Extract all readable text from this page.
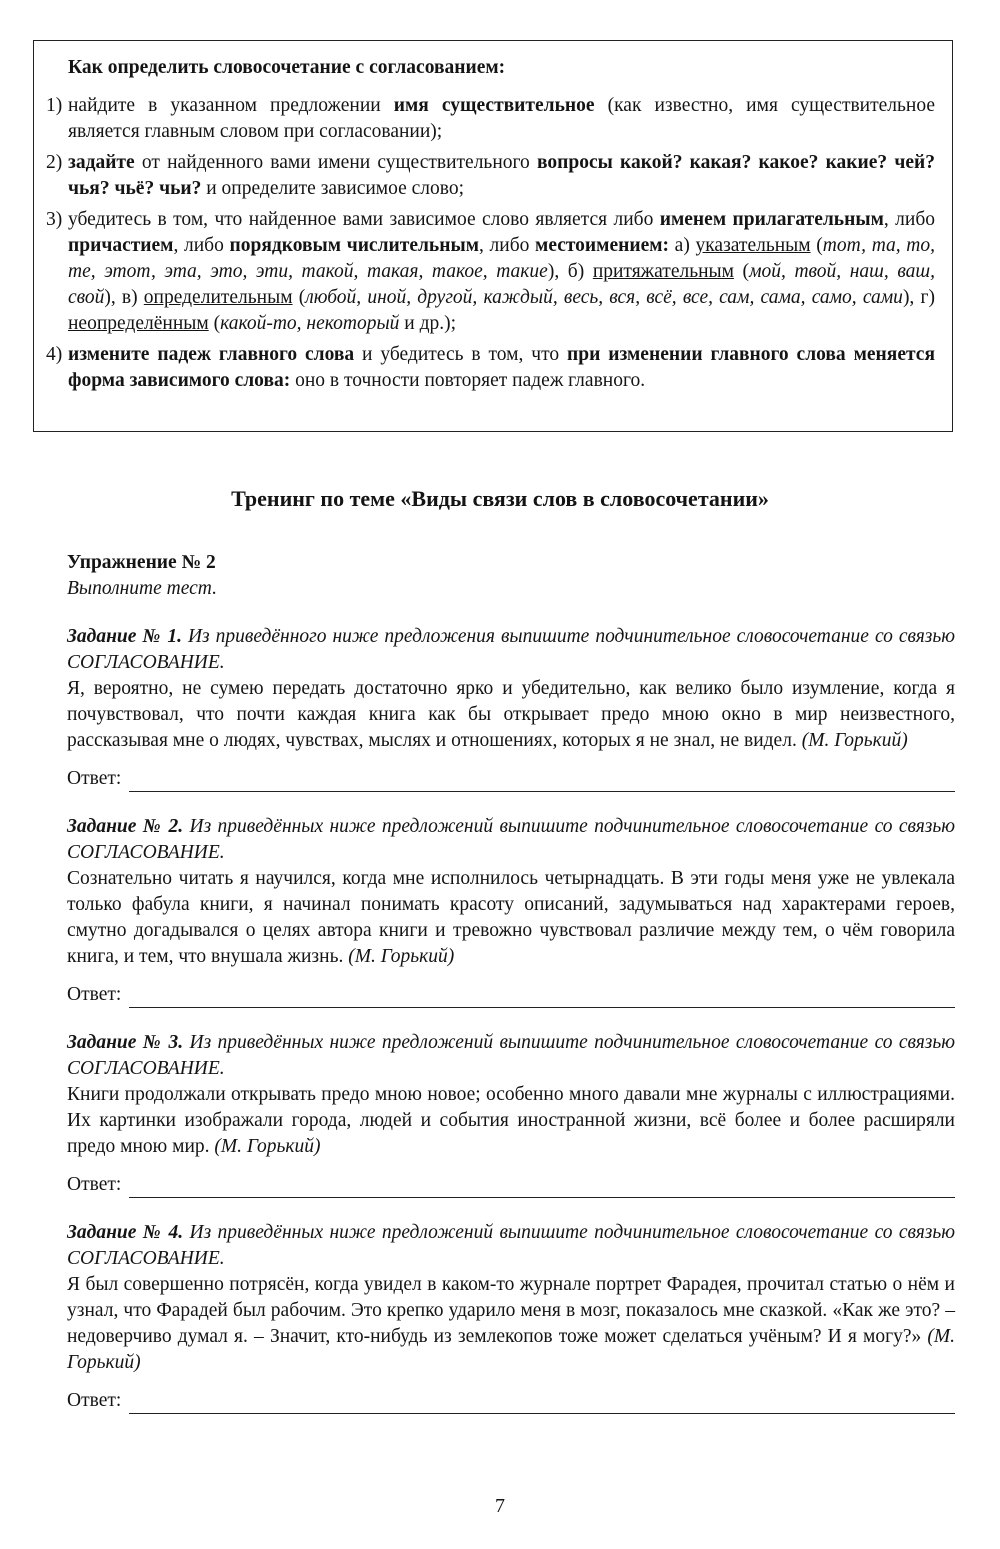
Как определить словосочетание с согласованием:
1) найдите в указанном предложении имя существительное (как известно, имя существительное является главным словом при согласовании);
2) задайте от найденного вами имени существительного вопросы какой? какая? какое? какие? чей? чья? чьё? чьи? и определите зависимое слово;
3) убедитесь в том, что найденное вами зависимое слово является либо именем прилагательным, либо причастием, либо порядковым числительным, либо местоимением: а) указательным (тот, та, то, те, этот, эта, это, эти, такой, такая, такое, такие), б) притяжательным (мой, твой, наш, ваш, свой), в) определительным (любой, иной, другой, каждый, весь, вся, всё, все, сам, сама, само, сами), г) неопределённым (какой-то, некоторый и др.);
4) измените падеж главного слова и убедитесь в том, что при изменении главного слова меняется форма зависимого слова: оно в точности повторяет падеж главного.
Тренинг по теме «Виды связи слов в словосочетании»
Упражнение № 2
Выполните тест.
Задание № 1. Из приведённого ниже предложения выпишите подчинительное словосочетание со связью СОГЛАСОВАНИЕ.
Я, вероятно, не сумею передать достаточно ярко и убедительно, как велико было изумление, когда я почувствовал, что почти каждая книга как бы открывает предо мною окно в мир неизвестного, рассказывая мне о людях, чувствах, мыслях и отношениях, которых я не знал, не видел. (М. Горький)
Ответ:
Задание № 2. Из приведённых ниже предложений выпишите подчинительное словосочетание со связью СОГЛАСОВАНИЕ.
Сознательно читать я научился, когда мне исполнилось четырнадцать. В эти годы меня уже не увлекала только фабула книги, я начинал понимать красоту описаний, задумываться над характерами героев, смутно догадывался о целях автора книги и тревожно чувствовал различие между тем, о чём говорила книга, и тем, что внушала жизнь. (М. Горький)
Ответ:
Задание № 3. Из приведённых ниже предложений выпишите подчинительное словосочетание со связью СОГЛАСОВАНИЕ.
Книги продолжали открывать предо мною новое; особенно много давали мне журналы с иллюстрациями. Их картинки изображали города, людей и события иностранной жизни, всё более и более расширяли предо мною мир. (М. Горький)
Ответ:
Задание № 4. Из приведённых ниже предложений выпишите подчинительное словосочетание со связью СОГЛАСОВАНИЕ.
Я был совершенно потрясён, когда увидел в каком-то журнале портрет Фарадея, прочитал статью о нём и узнал, что Фарадей был рабочим. Это крепко ударило меня в мозг, показалось мне сказкой. «Как же это? – недоверчиво думал я. – Значит, кто-нибудь из землекопов тоже может сделаться учёным? И я могу?» (М. Горький)
Ответ:
7
